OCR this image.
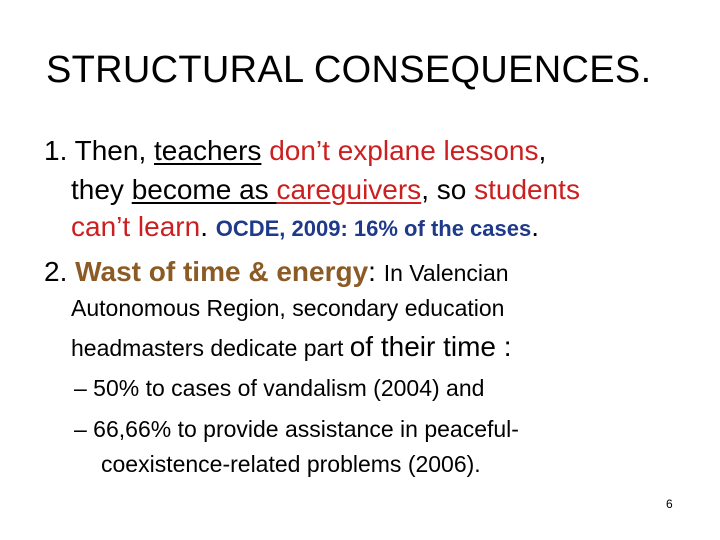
STRUCTURAL CONSEQUENCES.
1. Then, teachers don’t explane lessons,
they become as careguivers, so students
can’t learn. OCDE, 2009: 16% of the cases.
2. Wast of time & energy: In Valencian
Autonomous Region, secondary education
headmasters dedicate part of their time :
– 50% to cases of vandalism (2004) and
– 66,66% to provide assistance in peaceful-
coexistence-related problems (2006).
6
